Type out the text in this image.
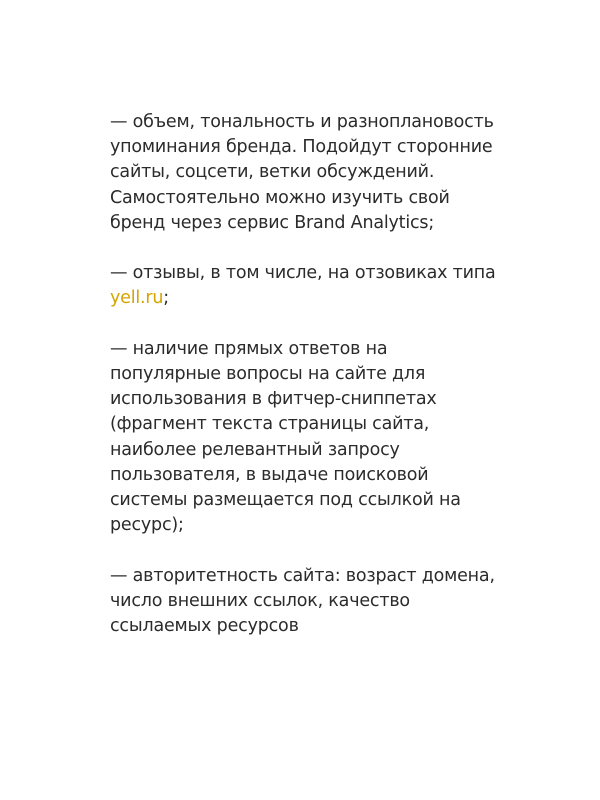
— объем, тональность и разноплановость
упоминания бренда. Подойдут сторонние
сайты, соцсети, ветки обсуждений.
Самостоятельно можно изучить свой
бренд через сервис Brand Analytics;

— отзывы, в том числе, на отзовиках типа
yell.ru;

— наличие прямых ответов на
популярные вопросы на сайте для
использования в фитчер-сниппетах
(фрагмент текста страницы сайта,
наиболее релевантный запросу
пользователя, в выдаче поисковой
системы размещается под ссылкой на
ресурс);

— авторитетность сайта: возраст домена,
число внешних ссылок, качество
ссылаемых ресурсов
